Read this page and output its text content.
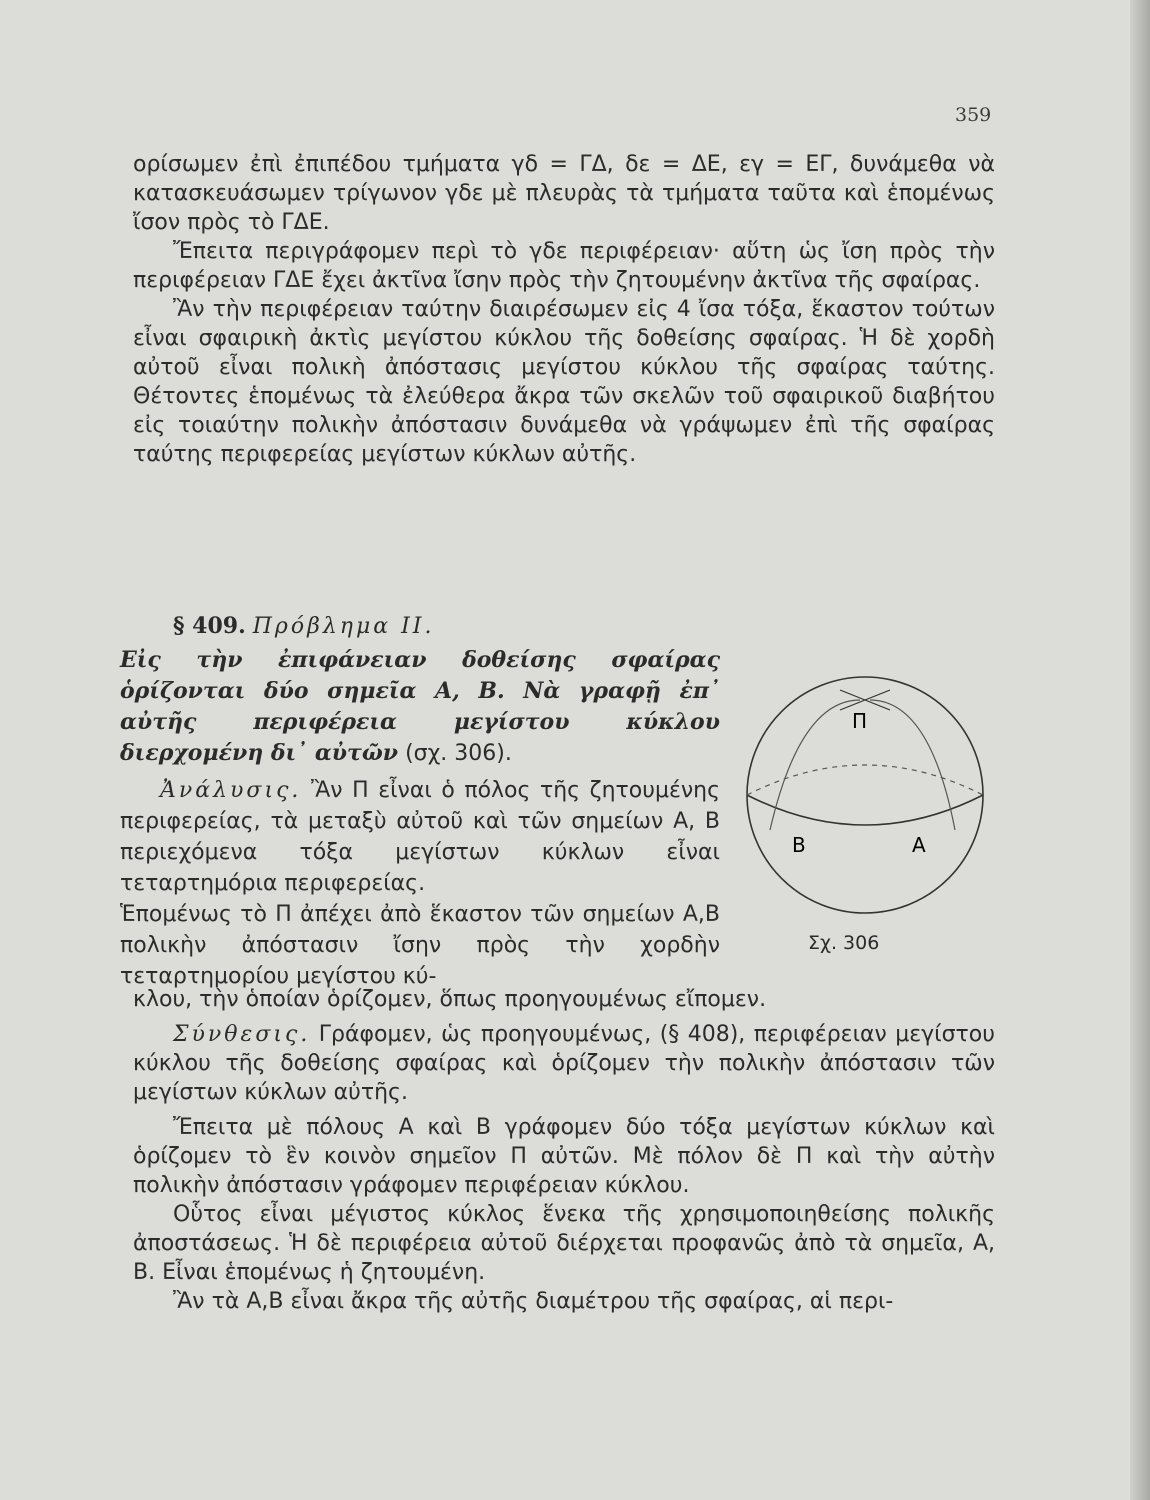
359

ορίσωμεν ἐπὶ ἐπιπέδου τμήματα γδ = ΓΔ, δε = ΔΕ, εγ = ΕΓ, δυνάμεθα νὰ κατασκευάσωμεν τρίγωνον γδε μὲ πλευρὰς τὰ τμήματα ταῦτα καὶ ἑπομένως ἴσον πρὸς τὸ ΓΔΕ.

Ἔπειτα περιγράφομεν περὶ τὸ γδε περιφέρειαν· αὕτη ὡς ἴση πρὸς τὴν περιφέρειαν ΓΔΕ ἔχει ἀκτῖνα ἴσην πρὸς τὴν ζητουμένην ἀκτῖνα τῆς σφαίρας.

Ἂν τὴν περιφέρειαν ταύτην διαιρέσωμεν εἰς 4 ἴσα τόξα, ἕκαστον τούτων εἶναι σφαιρικὴ ἀκτὶς μεγίστου κύκλου τῆς δοθείσης σφαίρας. Ἡ δὲ χορδὴ αὐτοῦ εἶναι πολικὴ ἀπόστασις μεγίστου κύκλου τῆς σφαίρας ταύτης. Θέτοντες ἑπομένως τὰ ἐλεύθερα ἄκρα τῶν σκελῶν τοῦ σφαιρικοῦ διαβήτου εἰς τοιαύτην πολικὴν ἀπόστασιν δυνάμεθα νὰ γράψωμεν ἐπὶ τῆς σφαίρας ταύτης περιφερείας μεγίστων κύκλων αὐτῆς.

§ 409. Πρόβλημα ΙΙ.

Εἰς τὴν ἐπιφάνειαν δοθείσης σφαίρας ὁρίζονται δύο σημεῖα Α, Β. Νὰ γραφῇ ἐπ᾽ αὐτῆς περιφέρεια μεγίστου κύκλου διερχομένη δι᾽ αὐτῶν (σχ. 306).

Ἀνάλυσις. Ἂν Π εἶναι ὁ πόλος τῆς ζητουμένης περιφερείας, τὰ μεταξὺ αὐτοῦ καὶ τῶν σημείων Α, Β περιεχόμενα τόξα μεγίστων κύκλων εἶναι τεταρτημόρια περιφερείας.

Ἑπομένως τὸ Π ἀπέχει ἀπὸ ἕκαστον τῶν σημείων Α,Β πολικὴν ἀπόστασιν ἴσην πρὸς τὴν χορδὴν τεταρτημορίου μεγίστου κύ-

κλου, τὴν ὁποίαν ὁρίζομεν, ὅπως προηγουμένως εἴπομεν.

Σύνθεσις. Γράφομεν, ὡς προηγουμένως, (§ 408), περιφέρειαν μεγίστου κύκλου τῆς δοθείσης σφαίρας καὶ ὁρίζομεν τὴν πολικὴν ἀπόστασιν τῶν μεγίστων κύκλων αὐτῆς.

Ἔπειτα μὲ πόλους Α καὶ Β γράφομεν δύο τόξα μεγίστων κύκλων καὶ ὁρίζομεν τὸ ἓν κοινὸν σημεῖον Π αὐτῶν. Μὲ πόλον δὲ Π καὶ τὴν αὐτὴν πολικὴν ἀπόστασιν γράφομεν περιφέρειαν κύκλου.

Οὗτος εἶναι μέγιστος κύκλος ἕνεκα τῆς χρησιμοποιηθείσης πολικῆς ἀποστάσεως. Ἡ δὲ περιφέρεια αὐτοῦ διέρχεται προφανῶς ἀπὸ τὰ σημεῖα, Α, Β. Εἶναι ἑπομένως ἡ ζητουμένη.

Ἂν τὰ Α,Β εἶναι ἄκρα τῆς αὐτῆς διαμέτρου τῆς σφαίρας, αἱ περι-

Π
Β	Α
Σχ. 306
